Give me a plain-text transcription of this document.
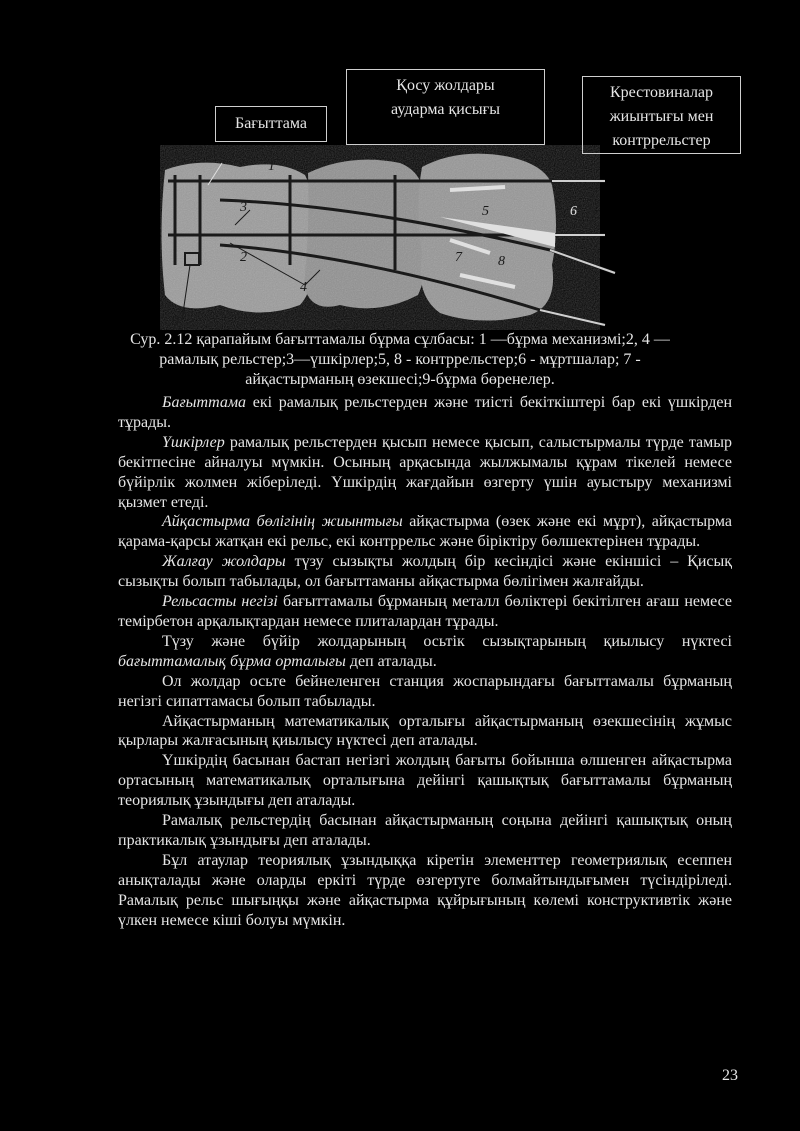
Бағыттама
Қосу жолдары
аударма қисығы
Крестовиналар
жиынтығы мен
контррельстер
1
3
2
9
4
5	6
7	8
Сур. 2.12 қарапайым бағыттамалы бұрма сұлбасы: 1 —бұрма механизмі;2, 4 —рамалық рельстер;3—үшкірлер;5, 8 - контррельстер;6 - мұртшалар; 7 - айқастырманың өзекшесі;9-бұрма бөренелер.

Бағыттама екі рамалық рельстерден және тиісті бекіткіштері бар екі үшкірден тұрады.

Үшкірлер рамалық рельстерден қысып немесе қысып, салыстырмалы түрде тамыр бекітпесіне айналуы мүмкін. Осының арқасында жылжымалы құрам тікелей немесе бүйірлік жолмен жіберіледі. Үшкірдің жағдайын өзгерту үшін ауыстыру механизмі қызмет етеді.

Айқастырма бөлігінің жиынтығы айқастырма (өзек және екі мұрт), айқастырма қарама-қарсы жатқан екі рельс, екі контррельс және біріктіру бөлшектерінен тұрады.

Жалғау жолдары түзу сызықты жолдың бір кесіндісі және екіншісі – Қисық сызықты болып табылады, ол бағыттаманы айқастырма бөлігімен жалғайды.

Рельсасты негізі бағыттамалы бұрманың металл бөліктері бекітілген ағаш немесе темірбетон арқалықтардан немесе плиталардан тұрады.

Түзу және бүйір жолдарының осьтік сызықтарының қиылысу нүктесі бағыттамалық бұрма орталығы деп аталады.

Ол жолдар осьте бейнеленген станция жоспарындағы бағыттамалы бұрманың негізгі сипаттамасы болып табылады.

Айқастырманың математикалық орталығы айқастырманың өзекшесінің жұмыс қырлары жалғасының қиылысу нүктесі деп аталады.

Үшкірдің басынан бастап негізгі жолдың бағыты бойынша өлшенген айқастырма ортасының математикалық орталығына дейінгі қашықтық бағыттамалы бұрманың теориялық ұзындығы деп аталады.

Рамалық рельстердің басынан айқастырманың соңына дейінгі қашықтық оның практикалық ұзындығы деп аталады.

Бұл атаулар теориялық ұзындыққа кіретін элементтер геометриялық есеппен анықталады және оларды еркіті түрде өзгертуге болмайтындығымен түсіндіріледі. Рамалық рельс шығыңқы және айқастырма құйрығының көлемі конструктивтік және үлкен немесе кіші болуы мүмкін.

23
